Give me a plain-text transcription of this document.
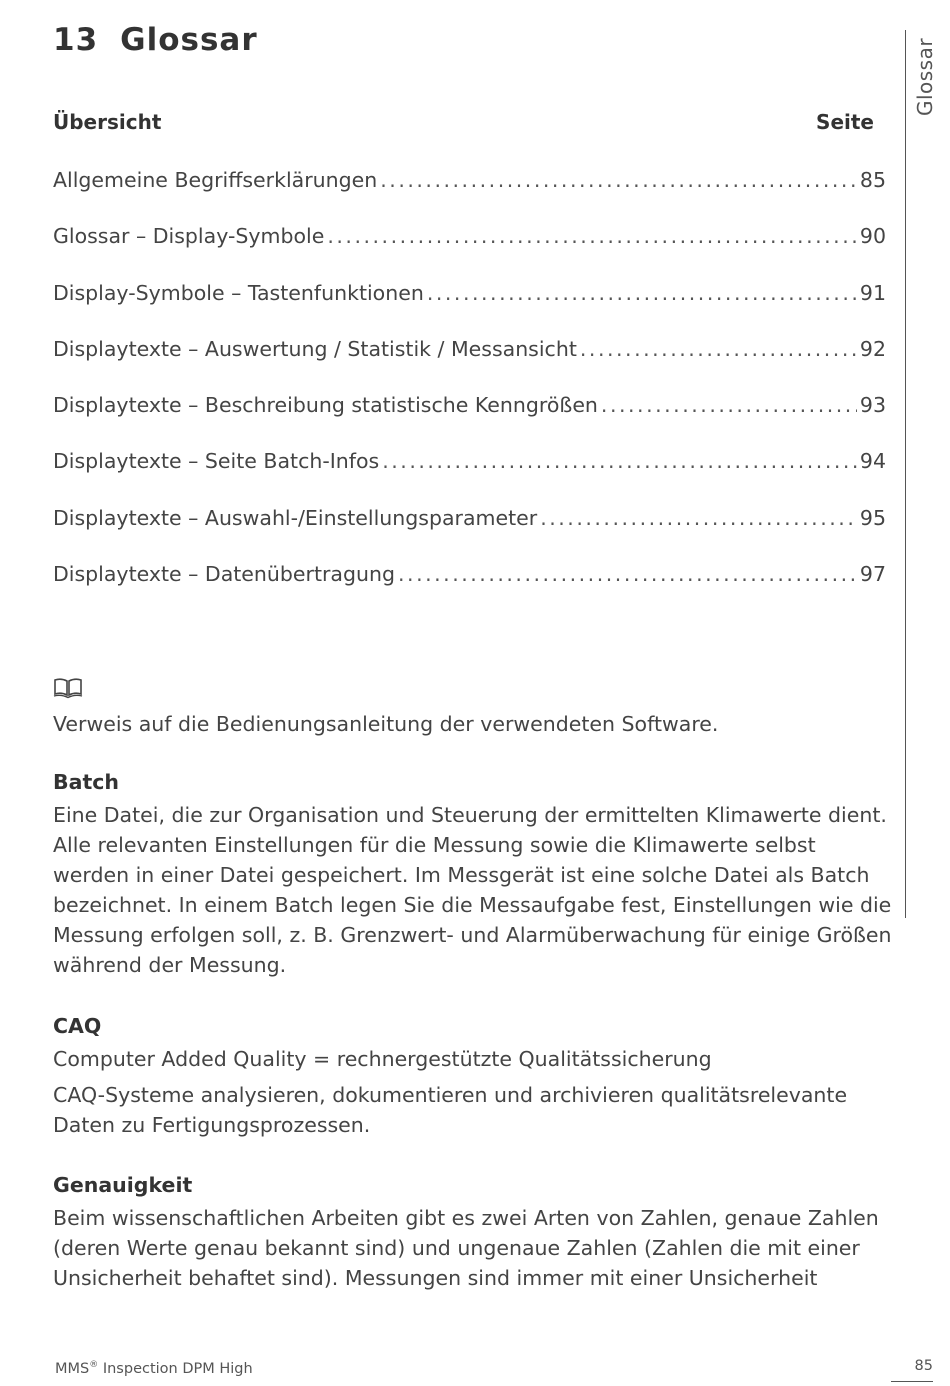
13 Glossar	Glossar
Übersicht	Seite
Allgemeine Begriffserklärungen . . .	85
Glossar – Display-Symbole . . .	90
Display-Symbole – Tastenfunktionen . . .	91
Displaytexte – Auswertung / Statistik / Messansicht . . .	92
Displaytexte – Beschreibung statistische Kenngrößen . . .	93
Displaytexte – Seite Batch-Infos . . .	94
Displaytexte – Auswahl-/Einstellungsparameter . . .	95
Displaytexte – Datenübertragung . . .	97
Verweis auf die Bedienungsanleitung der verwendeten Software.
Batch

Eine Datei, die zur Organisation und Steuerung der ermittelten Klimawerte dient. Alle relevanten Einstellungen für die Messung sowie die Klimawerte selbst werden in einer Datei gespeichert. Im Messgerät ist eine solche Datei als Batch bezeichnet. In einem Batch legen Sie die Messaufgabe fest, Einstellungen wie die Messung erfolgen soll, z. B. Grenzwert- und Alarmüberwachung für einige Größen während der Messung.

CAQ

Computer Added Quality = rechnergestützte Qualitätssicherung

CAQ-Systeme analysieren, dokumentieren und archivieren qualitätsrelevante Daten zu Fertigungsprozessen.

Genauigkeit

Beim wissenschaftlichen Arbeiten gibt es zwei Arten von Zahlen, genaue Zahlen (deren Werte genau bekannt sind) und ungenaue Zahlen (Zahlen die mit einer Unsicherheit behaftet sind). Messungen sind immer mit einer Unsicherheit

MMS® Inspection DPM High	85
